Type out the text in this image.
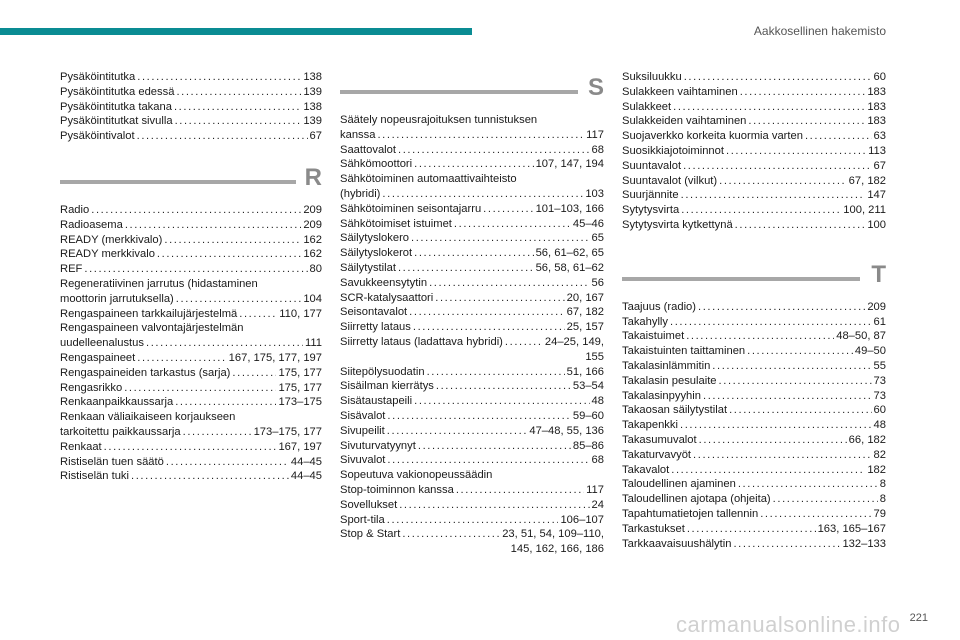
Aakkosellinen hakemisto
Pysäköintitutka .....	138
Pysäköintitutka edessä .....	139
Pysäköintitutka takana .....	138
Pysäköintitutkat sivulla .....	139
Pysäköintivalot .....	67
R
Radio .....	209
Radioasema .....	209
READY (merkkivalo) .....	162
READY merkkivalo .....	162
REF .....	80
Regeneratiivinen jarrutus (hidastaminen
moottorin jarrutuksella) .....	104
Rengaspaineen tarkkailujärjestelmä .....	110, 177
Rengaspaineen valvontajärjestelmän
uudelleenalustus .....	111
Rengaspaineet .....	167, 175, 177, 197
Rengaspaineiden tarkastus (sarja) .....	175, 177
Rengasrikko .....	175, 177
Renkaanpaikkaussarja .....	173–175
Renkaan väliaikaiseen korjaukseen
tarkoitettu paikkaussarja .....	173–175, 177
Renkaat .....	167, 197
Ristiselän tuen säätö .....	44–45
Ristiselän tuki .....	44–45
S
Säätely nopeusrajoituksen tunnistuksen
kanssa .....	117
Saattovalot .....	68
Sähkömoottori .....	107, 147, 194
Sähkötoiminen automaattivaihteisto
(hybridi) .....	103
Sähkötoiminen seisontajarru .....	101–103, 166
Sähkötoimiset istuimet .....	45–46
Säilytyslokero .....	65
Säilytyslokerot .....	56, 61–62, 65
Säilytystilat .....	56, 58, 61–62
Savukkeensytytin .....	56
SCR-katalysaattori .....	20, 167
Seisontavalot .....	67, 182
Siirretty lataus .....	25, 157
Siirretty lataus (ladattava hybridi) .....	24–25, 149,
155
Siitepölysuodatin .....	51, 166
Sisäilman kierrätys .....	53–54
Sisätaustapeili .....	48
Sisävalot .....	59–60
Sivupeilit .....	47–48, 55, 136
Sivuturvatyynyt .....	85–86
Sivuvalot .....	68
Sopeutuva vakionopeussäädin
Stop-toiminnon kanssa .....	117
Sovellukset .....	24
Sport-tila .....	106–107
Stop & Start .....	23, 51, 54, 109–110,
145, 162, 166, 186
Suksiluukku .....	60
Sulakkeen vaihtaminen .....	183
Sulakkeet .....	183
Sulakkeiden vaihtaminen .....	183
Suojaverkko korkeita kuormia varten .....	63
Suosikkiajotoiminnot .....	113
Suuntavalot .....	67
Suuntavalot (vilkut) .....	67, 182
Suurjännite .....	147
Sytytysvirta .....	100, 211
Sytytysvirta kytkettynä .....	100
T
Taajuus (radio) .....	209
Takahylly .....	61
Takaistuimet .....	48–50, 87
Takaistuinten taittaminen .....	49–50
Takalasinlämmitin .....	55
Takalasin pesulaite .....	73
Takalasinpyyhin .....	73
Takaosan säilytystilat .....	60
Takapenkki .....	48
Takasumuvalot .....	66, 182
Takaturvavyöt .....	82
Takavalot .....	182
Taloudellinen ajaminen .....	8
Taloudellinen ajotapa (ohjeita) .....	8
Tapahtumatietojen tallennin .....	79
Tarkastukset .....	163, 165–167
Tarkkaavaisuushälytin .....	132–133
carmanualsonline.info 221
